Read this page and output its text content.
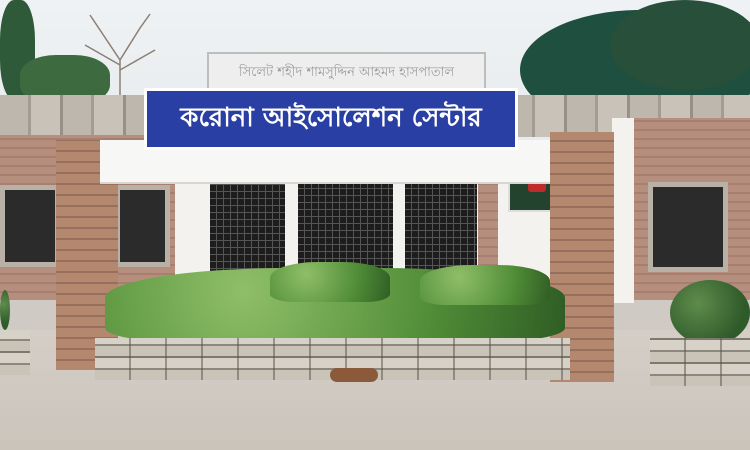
সিলেট শহীদ শামসুদ্দিন আহমদ হাসপাতাল
করোনা আইসোলেশন সেন্টার
